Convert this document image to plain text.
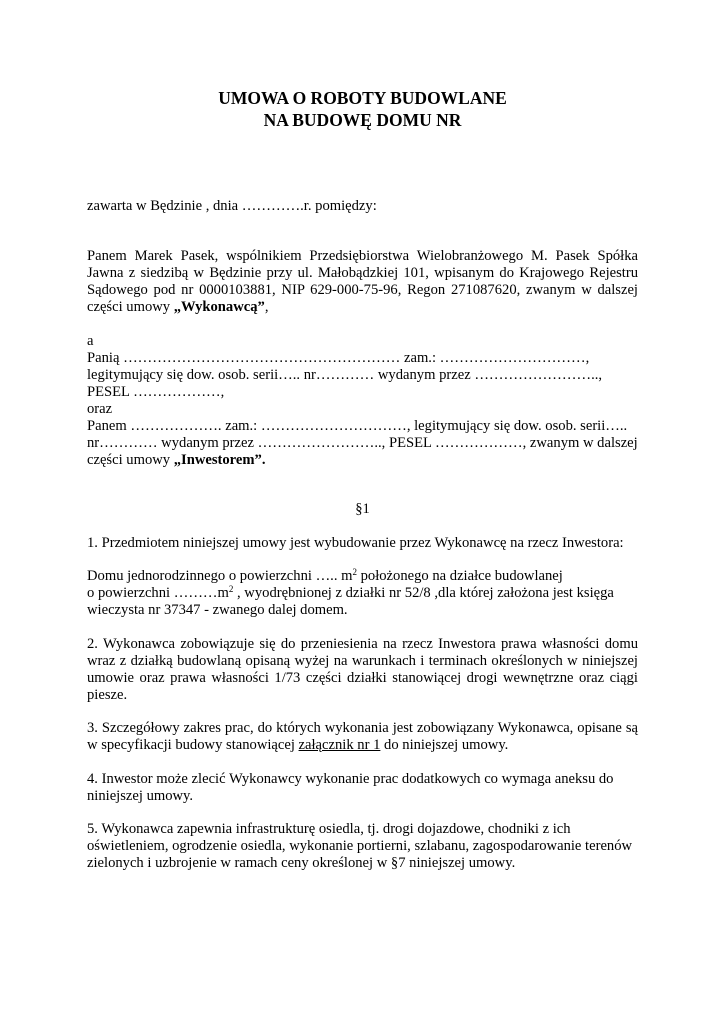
UMOWA O ROBOTY BUDOWLANE
NA BUDOWĘ DOMU NR
zawarta w Będzinie , dnia ………….r. pomiędzy:
Panem Marek Pasek, wspólnikiem Przedsiębiorstwa Wielobranżowego M. Pasek Spółka
Jawna z siedzibą w Będzinie przy ul. Małobądzkiej 101, wpisanym do Krajowego Rejestru
Sądowego pod nr 0000103881, NIP 629-000-75-96, Regon 271087620, zwanym w dalszej
części umowy „Wykonawcą”,
a
Panią ………………………………………………… zam.: …………………………,
legitymujący się dow. osob. serii….. nr………… wydanym przez ……………………..,
PESEL ………………,
oraz
Panem ………………. zam.: …………………………, legitymujący się dow. osob. serii…..
nr………… wydanym przez …………………….., PESEL ………………, zwanym w dalszej
części umowy „Inwestorem”.
§1
1. Przedmiotem niniejszej umowy jest wybudowanie przez Wykonawcę na rzecz Inwestora:
Domu jednorodzinnego o powierzchni ….. $m^2$ położonego na działce budowlanej
o powierzchni $\dots\dots\dots m^2$ , wyodrębnionej z działki nr 52/8 ,dla której założona jest księga
wieczysta nr 37347 - zwanego dalej domem.
2. Wykonawca zobowiązuje się do przeniesienia na rzecz Inwestora prawa własności domu
wraz z działką budowlaną opisaną wyżej na warunkach i terminach określonych w niniejszej
umowie oraz prawa własności 1/73 części działki stanowiącej drogi wewnętrzne oraz ciągi
piesze.
3. Szczegółowy zakres prac, do których wykonania jest zobowiązany Wykonawca, opisane są
w specyfikacji budowy stanowiącej załącznik nr 1 do niniejszej umowy.
4. Inwestor może zlecić Wykonawcy wykonanie prac dodatkowych co wymaga aneksu do
niniejszej umowy.
5. Wykonawca zapewnia infrastrukturę osiedla, tj. drogi dojazdowe, chodniki z ich
oświetleniem, ogrodzenie osiedla, wykonanie portierni, szlabanu, zagospodarowanie terenów
zielonych i uzbrojenie w ramach ceny określonej w §7 niniejszej umowy.
